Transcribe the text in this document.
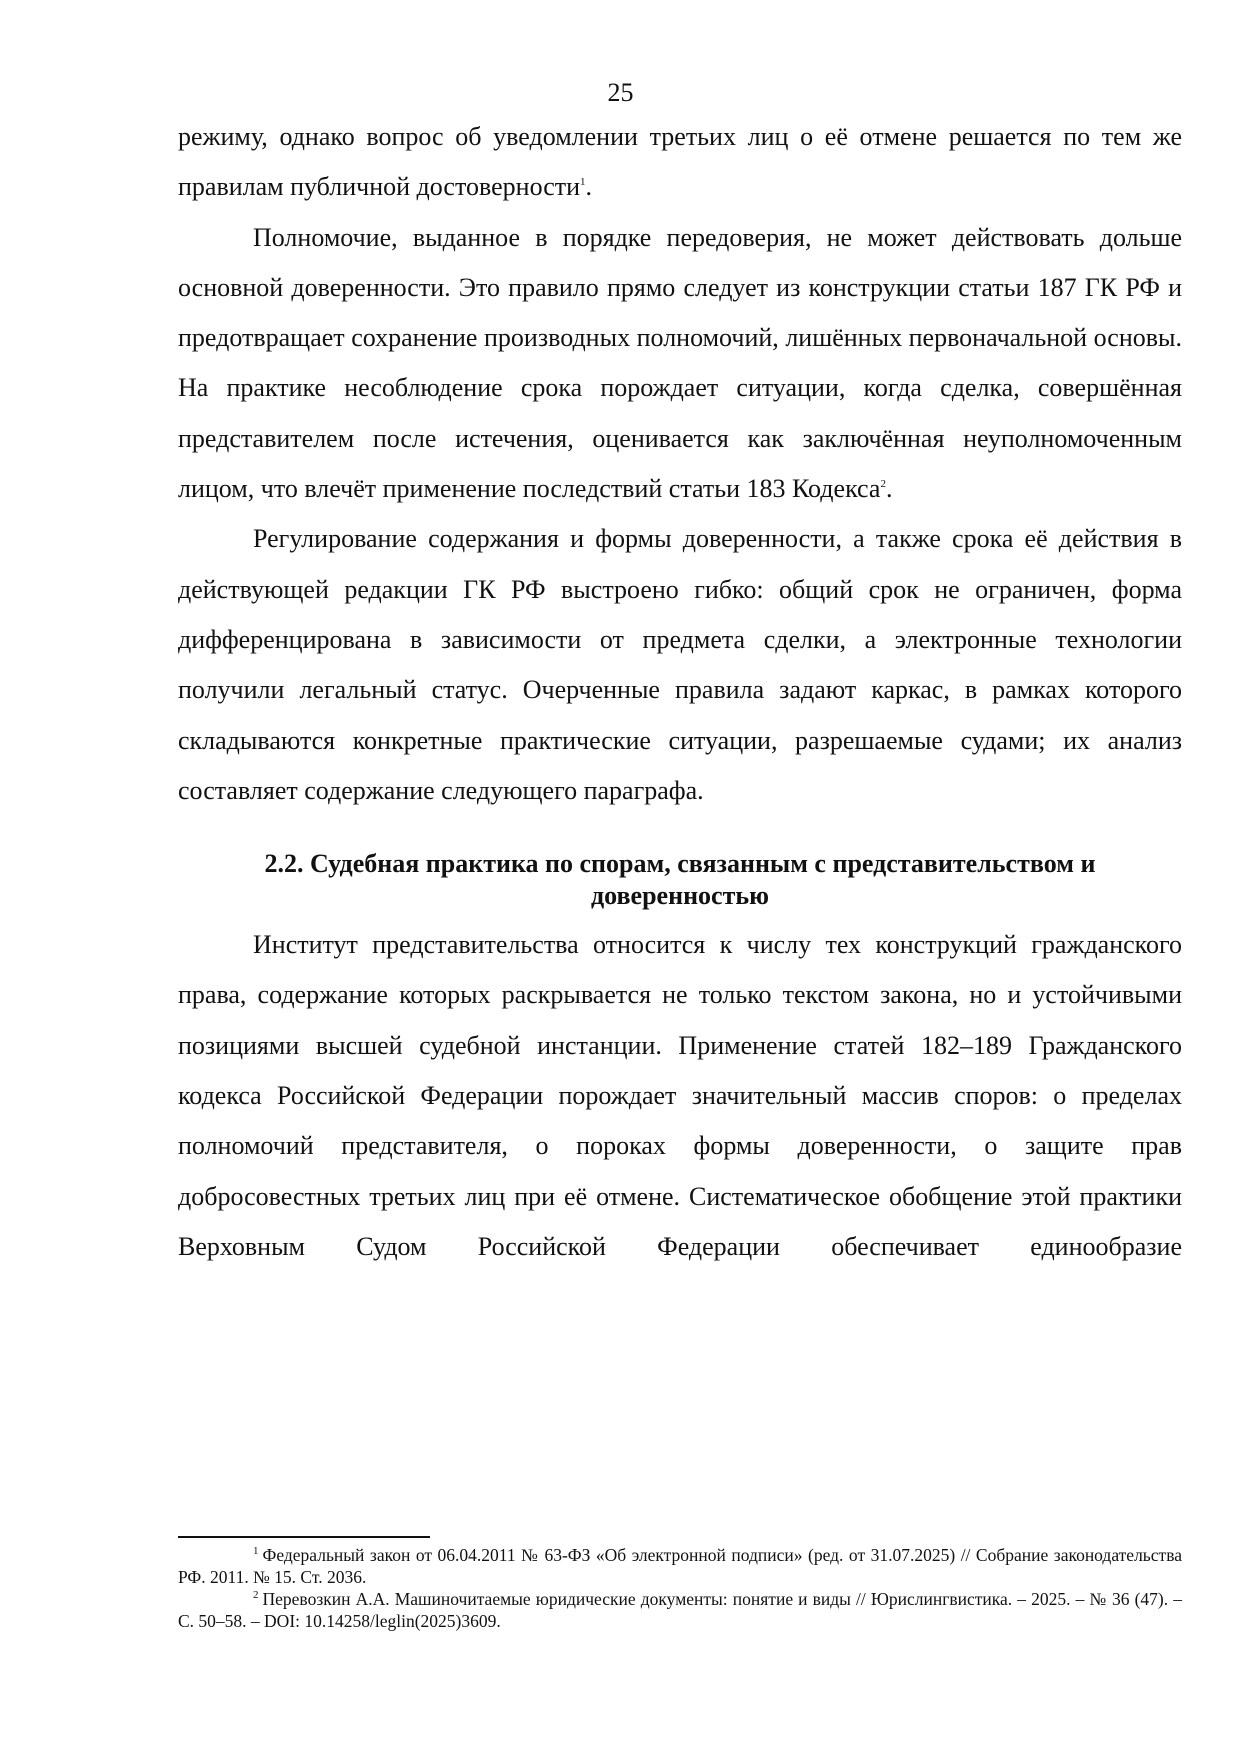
25

режиму, однако вопрос об уведомлении третьих лиц о её отмене решается по тем же правилам публичной достоверности$^1$.

Полномочие, выданное в порядке передоверия, не может действовать дольше основной доверенности. Это правило прямо следует из конструкции статьи 187 ГК РФ и предотвращает сохранение производных полномочий, лишённых первоначальной основы. На практике несоблюдение срока порождает ситуации, когда сделка, совершённая представителем после истечения, оценивается как заключённая неуполномоченным лицом, что влечёт применение последствий статьи 183 Кодекса$^2$.

Регулирование содержания и формы доверенности, а также срока её действия в действующей редакции ГК РФ выстроено гибко: общий срок не ограничен, форма дифференцирована в зависимости от предмета сделки, а электронные технологии получили легальный статус. Очерченные правила задают каркас, в рамках которого складываются конкретные практические ситуации, разрешаемые судами; их анализ составляет содержание следующего параграфа.

2.2. Судебная практика по спорам, связанным с представительством и доверенностью

Институт представительства относится к числу тех конструкций гражданского права, содержание которых раскрывается не только текстом закона, но и устойчивыми позициями высшей судебной инстанции. Применение статей 182–189 Гражданского кодекса Российской Федерации порождает значительный массив споров: о пределах полномочий представителя, о пороках формы доверенности, о защите прав добросовестных третьих лиц при её отмене. Систематическое обобщение этой практики Верховным Судом Российской Федерации обеспечивает единообразие

$^1$ Федеральный закон от 06.04.2011 № 63-ФЗ «Об электронной подписи» (ред. от 31.07.2025) // Собрание законодательства РФ. 2011. № 15. Ст. 2036.

$^2$ Перевозкин А.А. Машиночитаемые юридические документы: понятие и виды // Юрислингвистика. – 2025. – № 36 (47). – С. 50–58. – DOI: 10.14258/leglin(2025)3609.
